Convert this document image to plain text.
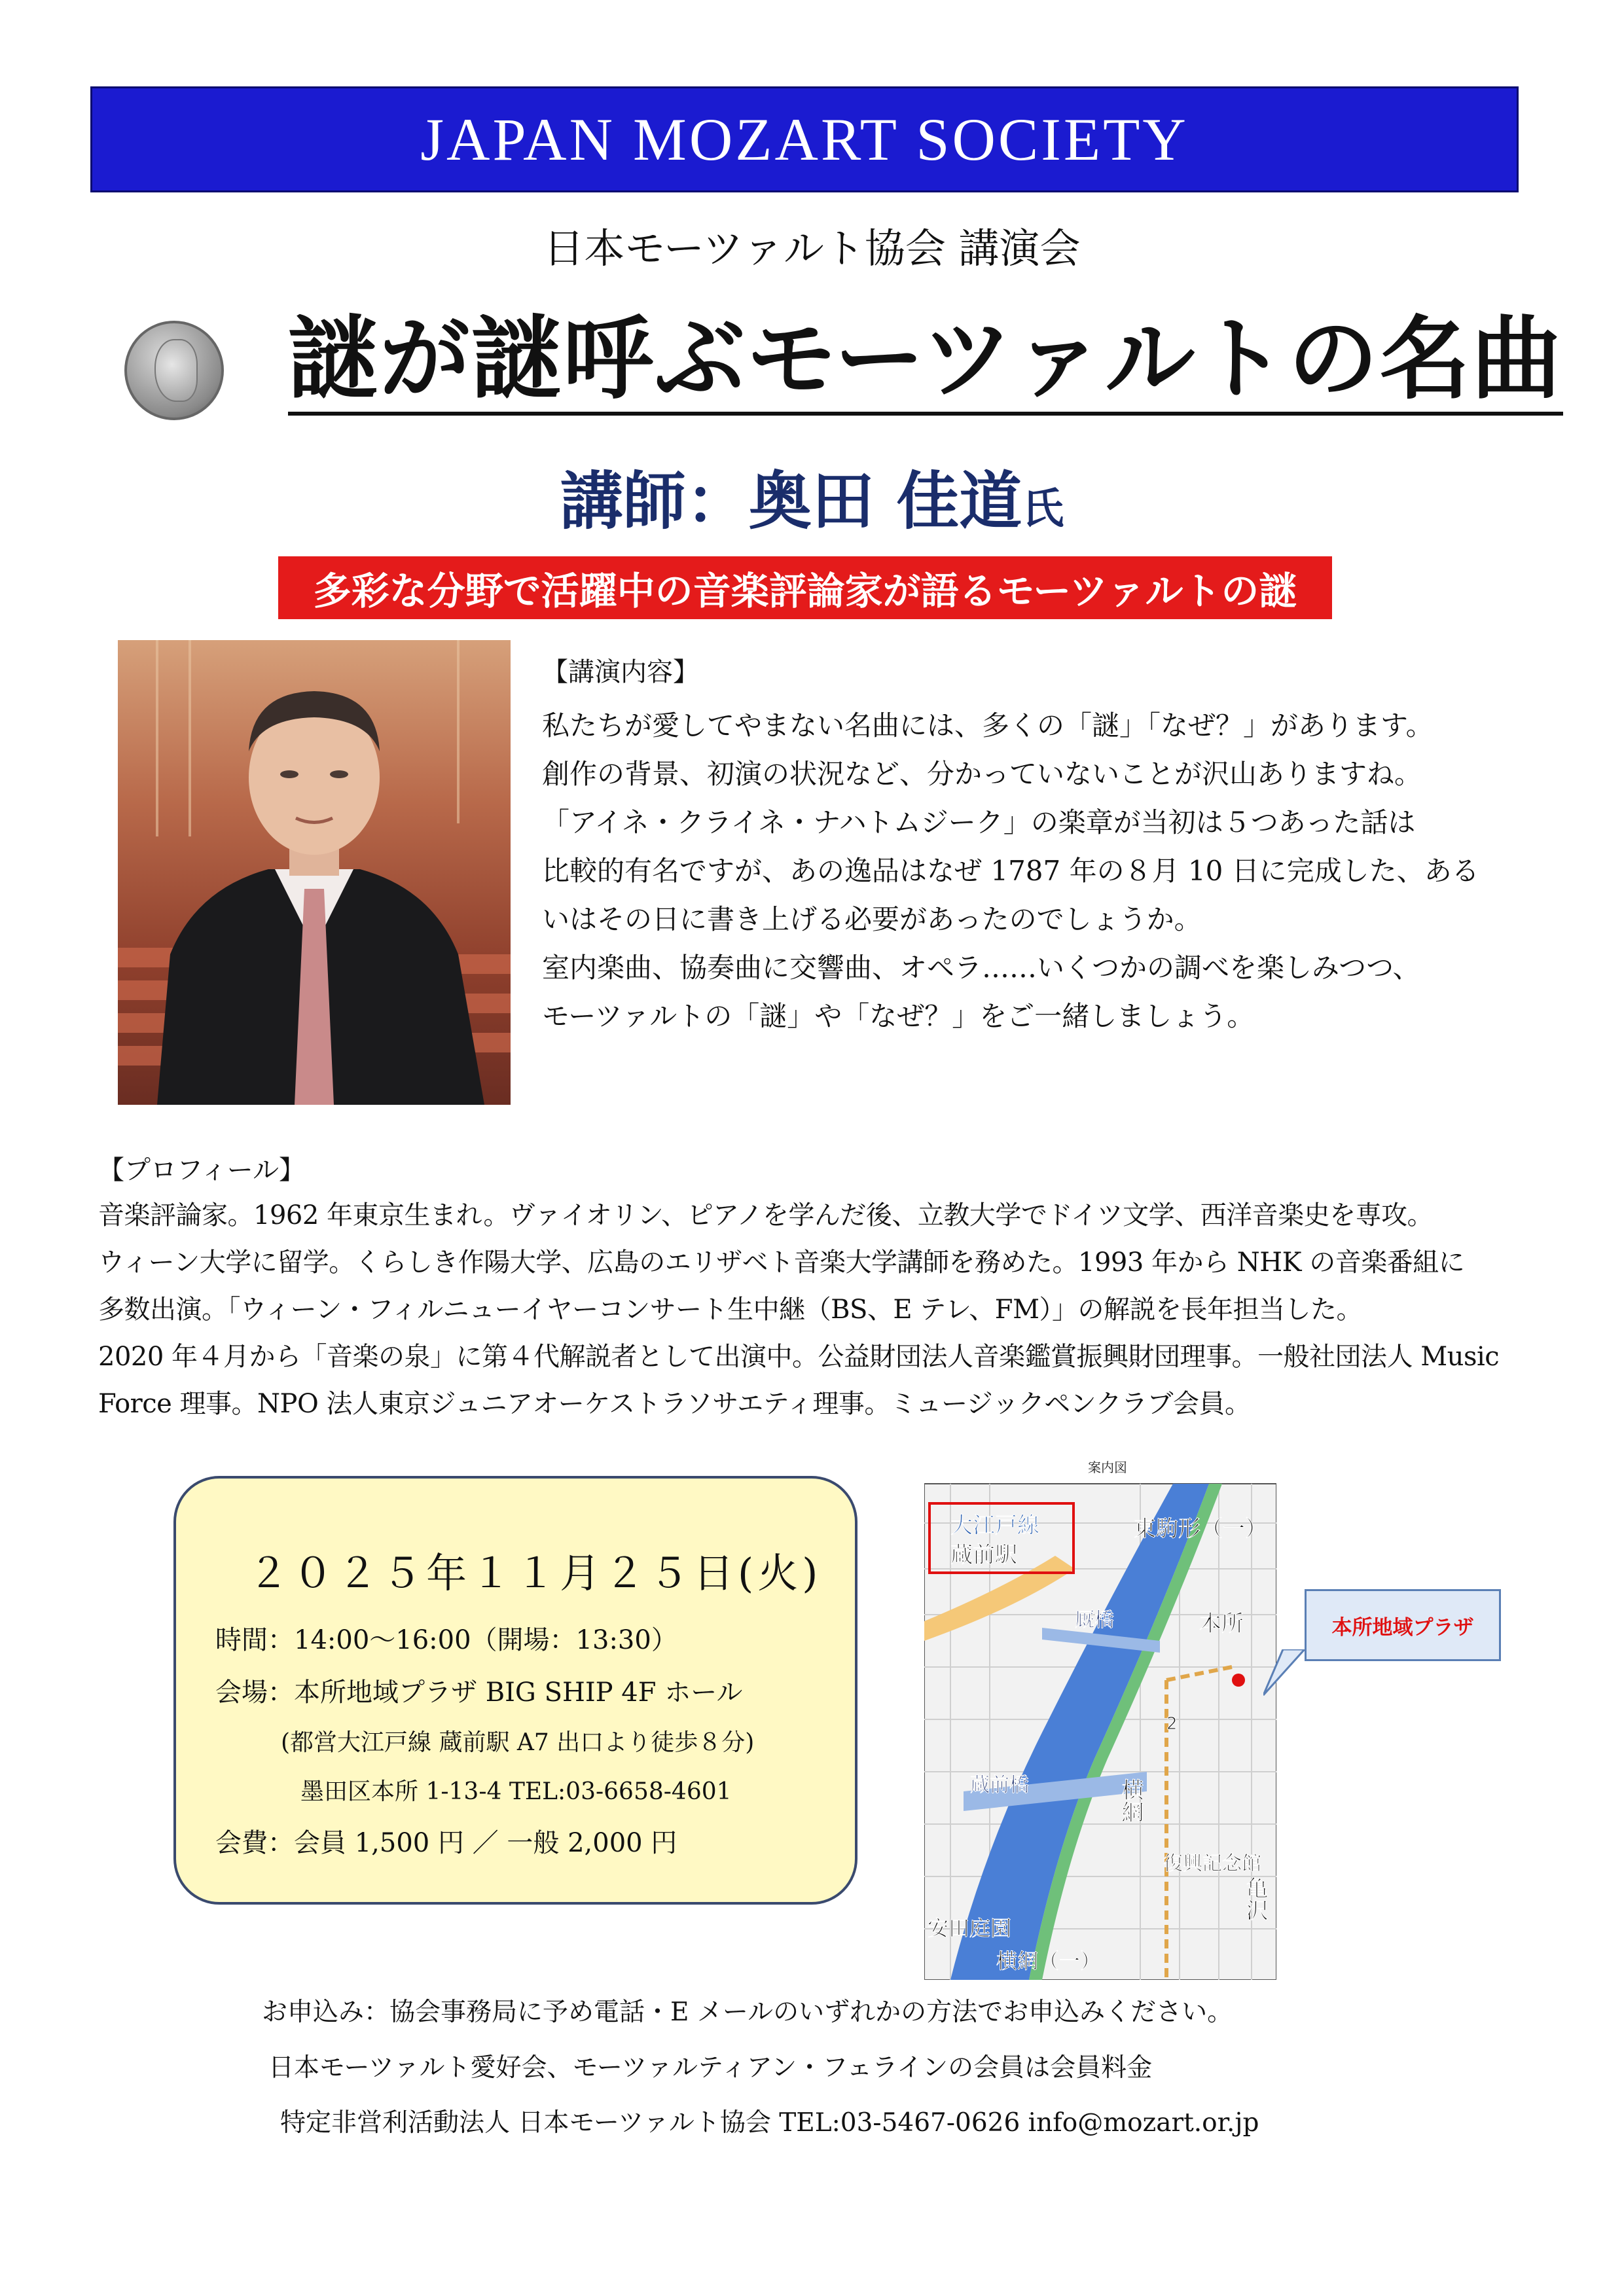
JAPAN MOZART SOCIETY
日本モーツァルト協会 講演会
謎が謎呼ぶモーツァルトの名曲
講師：奥田 佳道氏
多彩な分野で活躍中の音楽評論家が語るモーツァルトの謎
【講演内容】
私たちが愛してやまない名曲には、多くの「謎」「なぜ？」があります。
創作の背景、初演の状況など、分かっていないことが沢山ありますね。
「アイネ・クライネ・ナハトムジーク」の楽章が当初は５つあった話は
比較的有名ですが、あの逸品はなぜ 1787 年の８月 10 日に完成した、ある
いはその日に書き上げる必要があったのでしょうか。
室内楽曲、協奏曲に交響曲、オペラ……いくつかの調べを楽しみつつ、
モーツァルトの「謎」や「なぜ？」をご一緒しましょう。
【プロフィール】
音楽評論家。1962 年東京生まれ。ヴァイオリン、ピアノを学んだ後、立教大学でドイツ文学、西洋音楽史を専攻。
ウィーン大学に留学。くらしき作陽大学、広島のエリザベト音楽大学講師を務めた。1993 年から NHK の音楽番組に
多数出演。「ウィーン・フィルニューイヤーコンサート生中継（BS、E テレ、FM）」の解説を長年担当した。
2020 年４月から「音楽の泉」に第４代解説者として出演中。公益財団法人音楽鑑賞振興財団理事。一般社団法人 Music
Force 理事。NPO 法人東京ジュニアオーケストラソサエティ理事。ミュージックペンクラブ会員。
２０２５年１１月２５日(火)
時間：14:00～16:00（開場：13:30）
会場：本所地域プラザ BIG SHIP 4F ホール
(都営大江戸線 蔵前駅 A7 出口より徒歩８分)
墨田区本所 1-13-4 TEL:03-6658-4601
会費：会員 1,500 円 ／ 一般 2,000 円
案内図
大江戸線
蔵前駅
東駒形（一）
厩橋	本所
2
横網
蔵前橋
復興記念館
亀沢
安田庭園
横網（一）
本所地域プラザ
お申込み：協会事務局に予め電話・E メールのいずれかの方法でお申込みください。
日本モーツァルト愛好会、モーツァルティアン・フェラインの会員は会員料金
特定非営利活動法人 日本モーツァルト協会 TEL:03-5467-0626 info@mozart.or.jp
